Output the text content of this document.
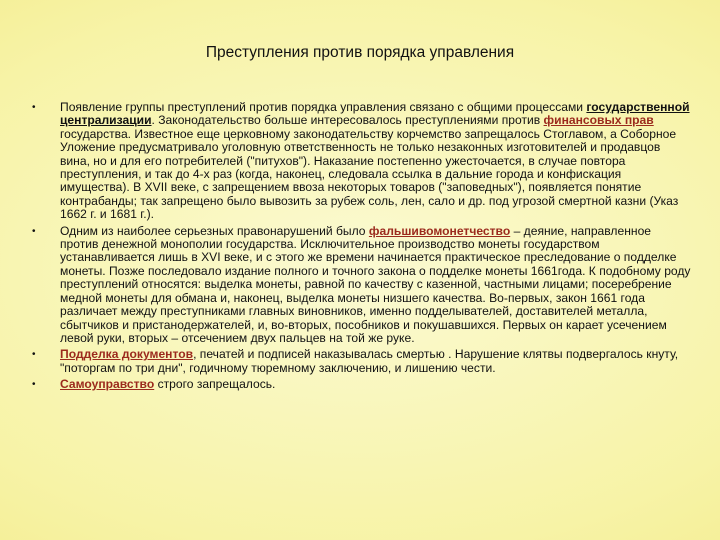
Преступления против порядка управления
•	Появление группы преступлений против порядка управления связано с общими процессами государственной централизации. Законодательство больше интересовалось преступлениями против финансовых прав государства. Известное еще церковному законодательству корчемство запрещалось Стоглавом, а Соборное Уложение предусматривало уголовную ответственность не только незаконных изготовителей и продавцов вина, но и для его потребителей ("питухов"). Наказание постепенно ужесточается, в случае повтора преступления, и так до 4-х раз (когда, наконец, следовала ссылка в дальние города и конфискация имущества). В XVII веке, с запрещением ввоза некоторых товаров ("заповедных"), появляется понятие контрабанды; так запрещено было вывозить за рубеж соль, лен, сало и др. под угрозой смертной казни (Указ 1662 г. и 1681 г.).
•	Одним из наиболее серьезных правонарушений было фальшивомонетчество – деяние, направленное против денежной монополии государства. Исключительное производство монеты государством устанавливается лишь в XVI веке, и с этого же времени начинается практическое преследование о подделке монеты. Позже последовало издание полного и точного закона о подделке монеты 1661года. К подобному роду преступлений относятся: выделка монеты, равной по качеству с казенной, частными лицами; посеребрение медной монеты для обмана и, наконец, выделка монеты низшего качества. Во-первых, закон 1661 года различает между преступниками главных виновников, именно подделывателей, доставителей металла, сбытчиков и пристанодержателей, и, во-вторых, пособников и покушавшихся. Первых он карает усечением левой руки, вторых – отсечением двух пальцев на той же руке.
•	Подделка документов, печатей и подписей наказывалась смертью . Нарушение клятвы подвергалось кнуту, "поторгам по три дни", годичному тюремному заключению, и лишению чести.
•	Самоуправство строго запрещалось.
